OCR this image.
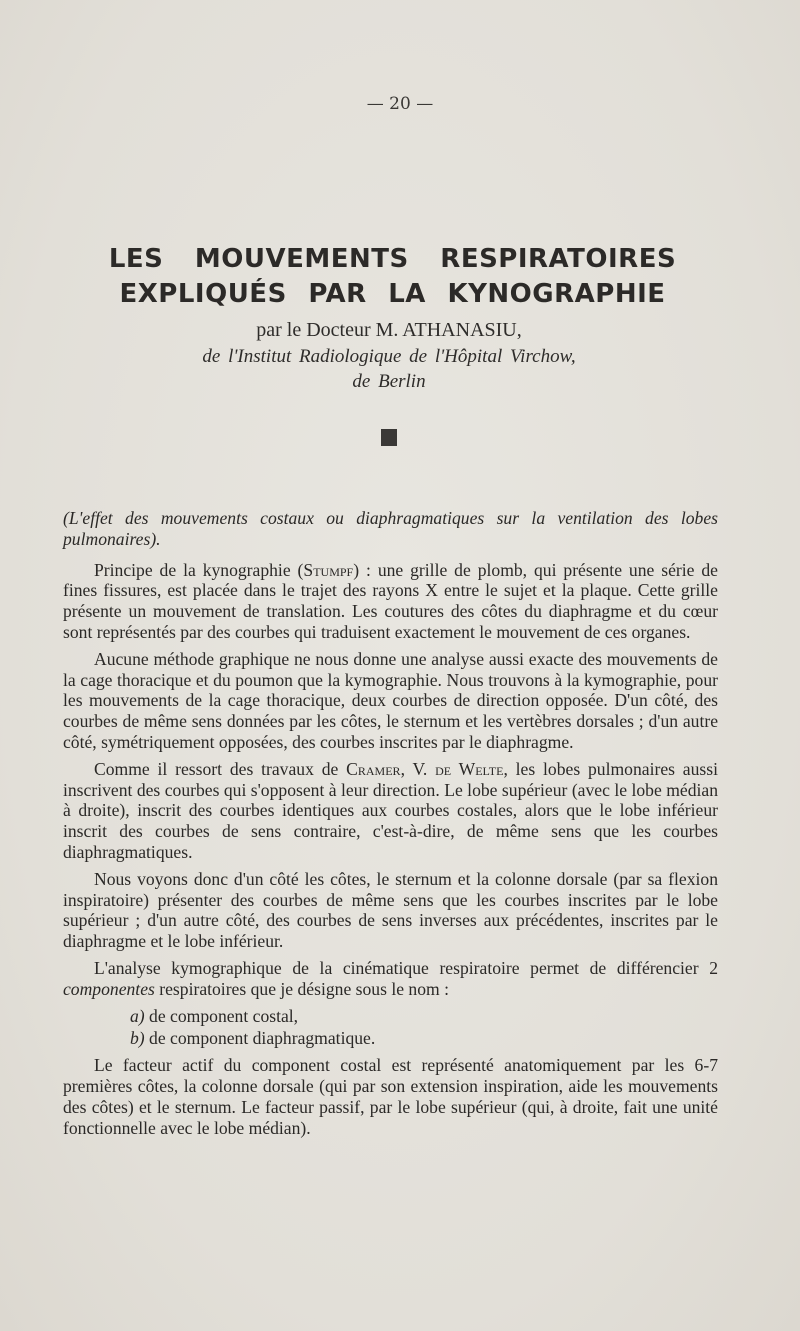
— 20 —
LES MOUVEMENTS RESPIRATOIRES
EXPLIQUÉS PAR LA KYNOGRAPHIE
par le Docteur M. ATHANASIU,
de l'Institut Radiologique de l'Hôpital Virchow,
de Berlin

(L'effet des mouvements costaux ou diaphragmatiques sur la ventilation des lobes pulmonaires).

Principe de la kynographie (Stumpf) : une grille de plomb, qui présente une série de fines fissures, est placée dans le trajet des rayons X entre le sujet et la plaque. Cette grille présente un mouvement de translation. Les coutures des côtes du diaphragme et du cœur sont représentés par des courbes qui traduisent exactement le mouvement de ces organes.

Aucune méthode graphique ne nous donne une analyse aussi exacte des mouvements de la cage thoracique et du poumon que la kymographie. Nous trouvons à la kymographie, pour les mouvements de la cage thoracique, deux courbes de direction opposée. D'un côté, des courbes de même sens données par les côtes, le sternum et les vertèbres dorsales ; d'un autre côté, symétriquement opposées, des courbes inscrites par le diaphragme.

Comme il ressort des travaux de Cramer, V. de Welte, les lobes pulmonaires aussi inscrivent des courbes qui s'opposent à leur direction. Le lobe supérieur (avec le lobe médian à droite), inscrit des courbes identiques aux courbes costales, alors que le lobe inférieur inscrit des courbes de sens contraire, c'est-à-dire, de même sens que les courbes diaphragmatiques.

Nous voyons donc d'un côté les côtes, le sternum et la colonne dorsale (par sa flexion inspiratoire) présenter des courbes de même sens que les courbes inscrites par le lobe supérieur ; d'un autre côté, des courbes de sens inverses aux précédentes, inscrites par le diaphragme et le lobe inférieur.

L'analyse kymographique de la cinématique respiratoire permet de différencier 2 componentes respiratoires que je désigne sous le nom :

a) de component costal,

b) de component diaphragmatique.

Le facteur actif du component costal est représenté anatomiquement par les 6-7 premières côtes, la colonne dorsale (qui par son extension inspiration, aide les mouvements des côtes) et le sternum. Le facteur passif, par le lobe supérieur (qui, à droite, fait une unité fonctionnelle avec le lobe médian).
